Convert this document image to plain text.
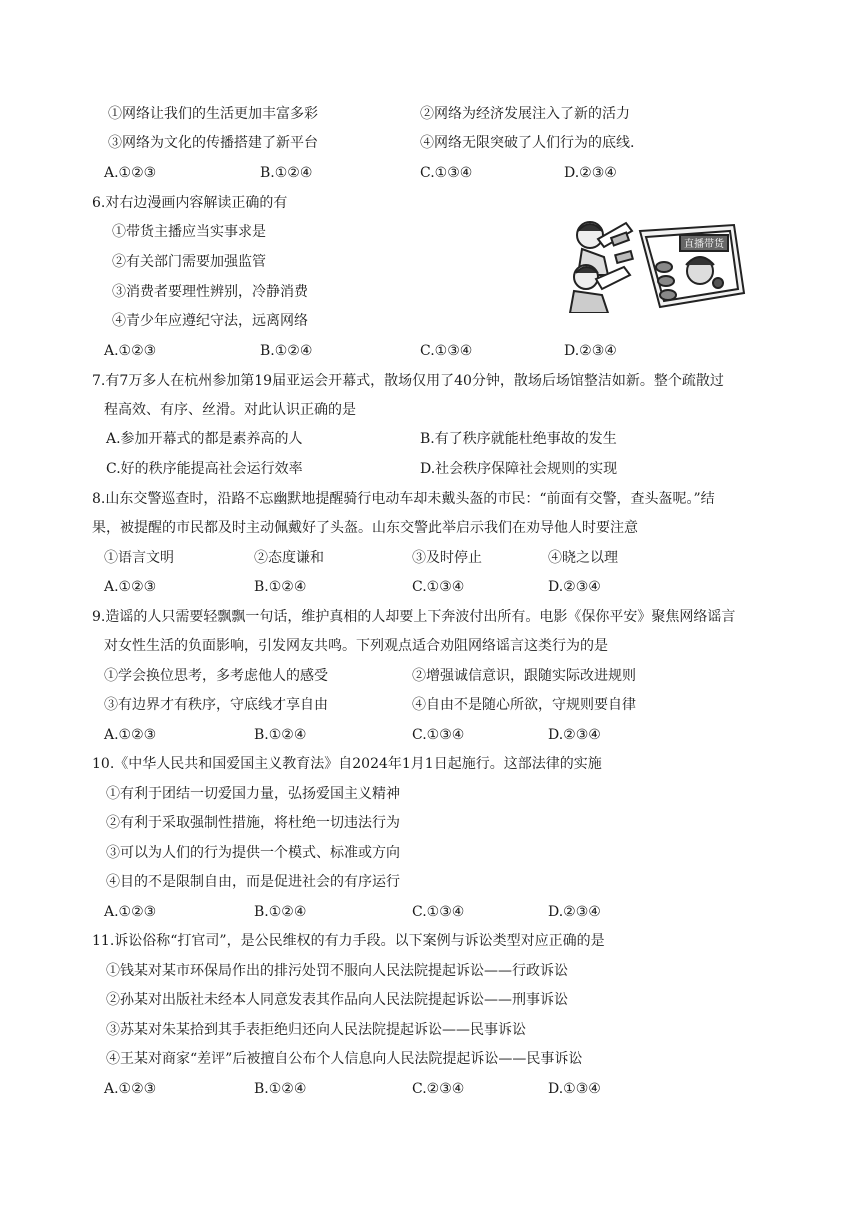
①网络让我们的生活更加丰富多彩	②网络为经济发展注入了新的活力
③网络为文化的传播搭建了新平台	④网络无限突破了人们行为的底线.
A.①②③	B.①②④	C.①③④	D.②③④
6.对右边漫画内容解读正确的有
①带货主播应当实事求是
②有关部门需要加强监管
③消费者要理性辨别，冷静消费
④青少年应遵纪守法，远离网络
直播带货
A.①②③	B.①②④	C.①③④	D.②③④
7.有7万多人在杭州参加第19届亚运会开幕式，散场仅用了40分钟，散场后场馆整洁如新。整个疏散过
程高效、有序、丝滑。对此认识正确的是
A.参加开幕式的都是素养高的人	B.有了秩序就能杜绝事故的发生
C.好的秩序能提高社会运行效率	D.社会秩序保障社会规则的实现
8.山东交警巡查时，沿路不忘幽默地提醒骑行电动车却未戴头盔的市民：“前面有交警，查头盔呢。”结
果，被提醒的市民都及时主动佩戴好了头盔。山东交警此举启示我们在劝导他人时要注意
①语言文明	②态度谦和	③及时停止	④晓之以理
A.①②③	B.①②④	C.①③④	D.②③④
9.造谣的人只需要轻飘飘一句话，维护真相的人却要上下奔波付出所有。电影《保你平安》聚焦网络谣言
对女性生活的负面影响，引发网友共鸣。下列观点适合劝阻网络谣言这类行为的是
①学会换位思考，多考虑他人的感受	②增强诚信意识，跟随实际改进规则
③有边界才有秩序，守底线才享自由	④自由不是随心所欲，守规则要自律
A.①②③	B.①②④	C.①③④	D.②③④
10.《中华人民共和国爱国主义教育法》自2024年1月1日起施行。这部法律的实施
①有利于团结一切爱国力量，弘扬爱国主义精神
②有利于采取强制性措施，将杜绝一切违法行为
③可以为人们的行为提供一个模式、标准或方向
④目的不是限制自由，而是促进社会的有序运行
A.①②③	B.①②④	C.①③④	D.②③④
11.诉讼俗称“打官司”，是公民维权的有力手段。以下案例与诉讼类型对应正确的是
①钱某对某市环保局作出的排污处罚不服向人民法院提起诉讼——行政诉讼
②孙某对出版社未经本人同意发表其作品向人民法院提起诉讼——刑事诉讼
③苏某对朱某拾到其手表拒绝归还向人民法院提起诉讼——民事诉讼
④王某对商家“差评”后被擅自公布个人信息向人民法院提起诉讼——民事诉讼
A.①②③	B.①②④	C.②③④	D.①③④
